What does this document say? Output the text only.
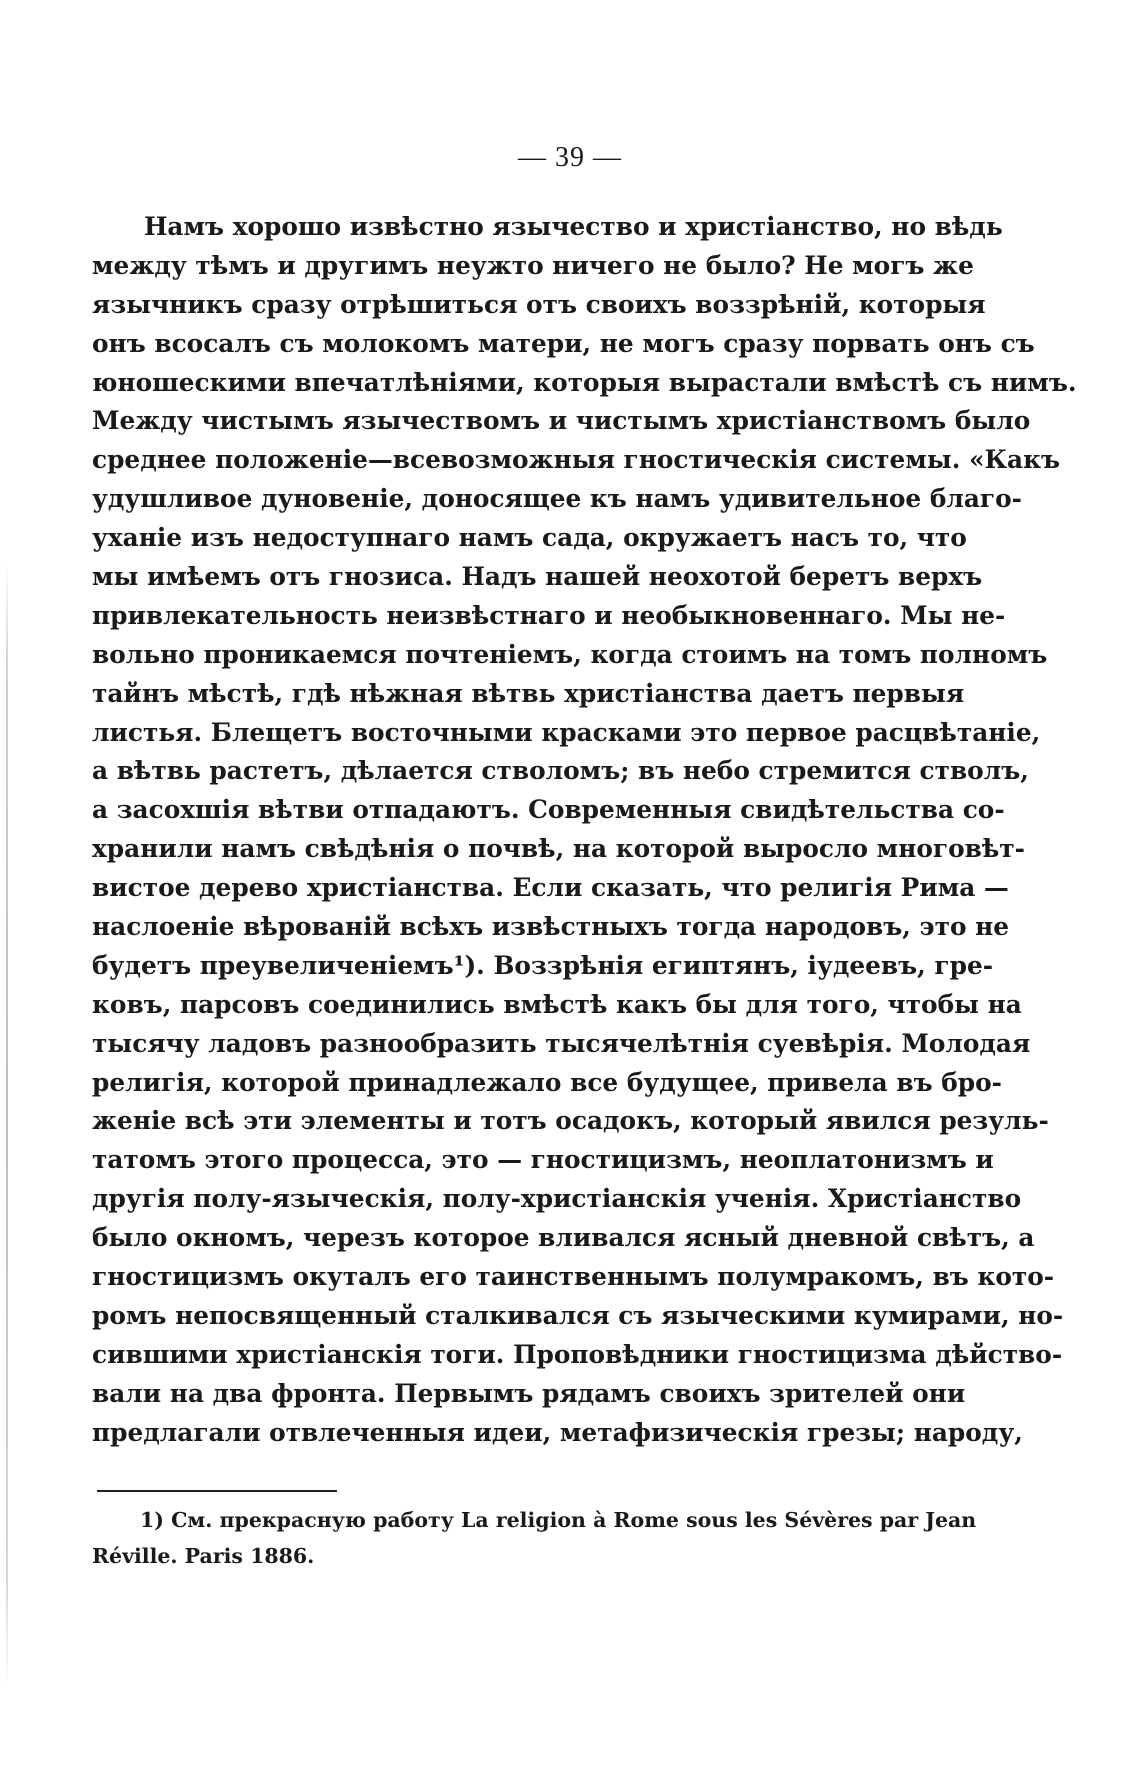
— 39 —
Намъ хорошо извѣстно язычество и христіанство, но вѣдь
между тѣмъ и другимъ неужто ничего не было? Не могъ же
язычникъ сразу отрѣшиться отъ своихъ воззрѣній, которыя
онъ всосалъ съ молокомъ матери, не могъ сразу порвать онъ съ
юношескими впечатлѣніями, которыя вырастали вмѣстѣ съ нимъ.
Между чистымъ язычествомъ и чистымъ христіанствомъ было
среднее положеніе—всевозможныя гностическія системы. «Какъ
удушливое дуновеніе, доносящее къ намъ удивительное благо-
уханіе изъ недоступнаго намъ сада, окружаетъ насъ то, что
мы имѣемъ отъ гнозиса. Надъ нашей неохотой беретъ верхъ
привлекательность неизвѣстнаго и необыкновеннаго. Мы не-
вольно проникаемся почтеніемъ, когда стоимъ на томъ полномъ
тайнъ мѣстѣ, гдѣ нѣжная вѣтвь христіанства даетъ первыя
листья. Блещетъ восточными красками это первое расцвѣтаніе,
а вѣтвь растетъ, дѣлается стволомъ; въ небо стремится стволъ,
а засохшія вѣтви отпадаютъ. Современныя свидѣтельства со-
хранили намъ свѣдѣнія о почвѣ, на которой выросло многовѣт-
вистое дерево христіанства. Если сказать, что религія Рима —
наслоеніе вѣрованій всѣхъ извѣстныхъ тогда народовъ, это не
будетъ преувеличеніемъ¹). Воззрѣнія египтянъ, іудеевъ, гре-
ковъ, парсовъ соединились вмѣстѣ какъ бы для того, чтобы на
тысячу ладовъ разнообразить тысячелѣтнія суевѣрія. Молодая
религія, которой принадлежало все будущее, привела въ бро-
женіе всѣ эти элементы и тотъ осадокъ, который явился резуль-
татомъ этого процесса, это — гностицизмъ, неоплатонизмъ и
другія полу-языческія, полу-христіанскія ученія. Христіанство
было окномъ, черезъ которое вливался ясный дневной свѣтъ, а
гностицизмъ окуталъ его таинственнымъ полумракомъ, въ кото-
ромъ непосвященный сталкивался съ языческими кумирами, но-
сившими христіанскія тоги. Проповѣдники гностицизма дѣйство-
вали на два фронта. Первымъ рядамъ своихъ зрителей они
предлагали отвлеченныя идеи, метафизическія грезы; народу,
1) См. прекрасную работу La religion à Rome sous les Sévères par Jean
Réville. Paris 1886.
